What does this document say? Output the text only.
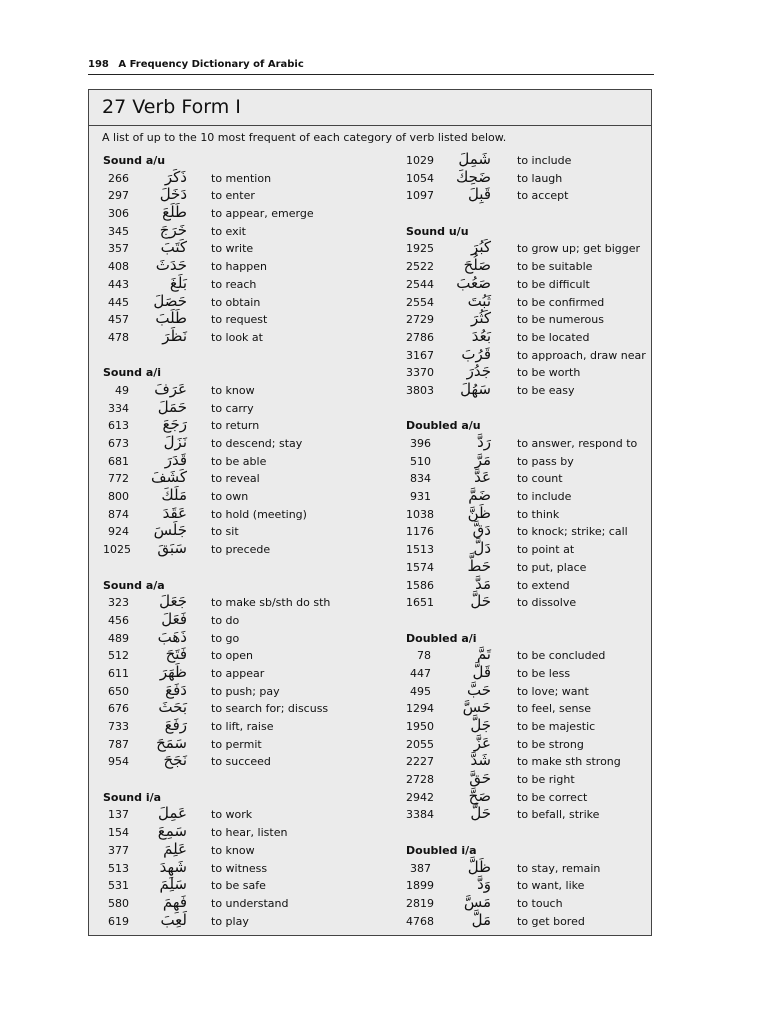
198 A Frequency Dictionary of Arabic
27 Verb Form I
A list of up to the 10 most frequent of each category of verb listed below.
Sound a/u
266	ذَكَرَ to mention
297	دَخَلَ to enter
306	طَلَعَ to appear, emerge
345	خَرَجَ to exit
357	كَتَبَ to write
408	حَدَثَ to happen
443	بَلَغَ to reach
445	حَصَلَ to obtain
457	طَلَبَ to request
478	نَظَرَ to look at
Sound a/i
49	عَرَفَ to know
334	حَمَلَ to carry
613	رَجَعَ to return
673	نَزَلَ to descend; stay
681	قَدَرَ to be able
772	كَشَفَ to reveal
800	مَلَكَ to own
874	عَقَدَ to hold (meeting)
924	جَلَسَ to sit
1025	سَبَقَ to precede
Sound a/a
323	جَعَلَ to make sb/sth do sth
456	فَعَلَ to do
489	ذَهَبَ to go
512	فَتَحَ to open
611	ظَهَرَ to appear
650	دَفَعَ to push; pay
676	بَحَثَ to search for; discuss
733	رَفَعَ to lift, raise
787	سَمَحَ to permit
954	نَجَحَ to succeed
Sound i/a
137	عَمِلَ to work
154	سَمِعَ to hear, listen
377	عَلِمَ to know
513	شَهِدَ to witness
531	سَلِمَ to be safe
580	فَهِمَ to understand
619	لَعِبَ to play
1029	شَمِلَ to include
1054	ضَحِكَ to laugh
1097	قَبِلَ to accept
Sound u/u
1925	كَبُرَ to grow up; get bigger
2522	صَلُحَ to be suitable
2544	صَعُبَ to be difficult
2554	ثَبُتَ to be confirmed
2729	كَثُرَ to be numerous
2786	بَعُدَ to be located
3167	قَرُبَ to approach, draw near
3370	جَدُرَ to be worth
3803	سَهُلَ to be easy
Doubled a/u
396	رَدَّ to answer, respond to
510	مَرَّ to pass by
834	عَدَّ to count
931	ضَمَّ to include
1038	ظَنَّ to think
1176	دَقَّ to knock; strike; call
1513	دَلَّ to point at
1574	حَطَّ to put, place
1586	مَدَّ to extend
1651	حَلَّ to dissolve
Doubled a/i
78	تَمَّ to be concluded
447	قَلَّ to be less
495	حَبَّ to love; want
1294	حَسَّ to feel, sense
1950	جَلَّ to be majestic
2055	عَزَّ to be strong
2227	شَدَّ to make sth strong
2728	حَقَّ to be right
2942	صَحَّ to be correct
3384	حَلَّ to befall, strike
Doubled i/a
387	ظَلَّ to stay, remain
1899	وَدَّ to want, like
2819	مَسَّ to touch
4768	مَلَّ to get bored
